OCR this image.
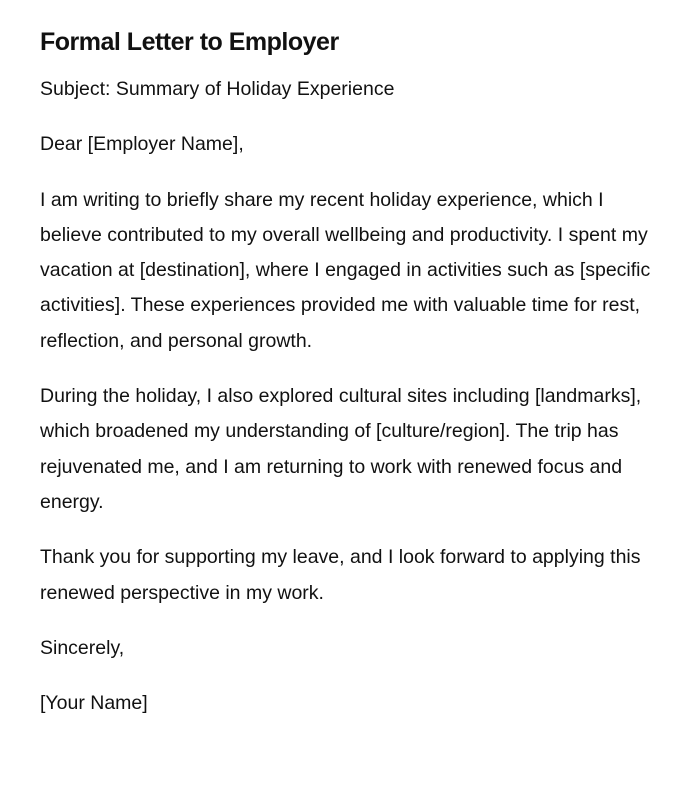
Formal Letter to Employer

Subject: Summary of Holiday Experience

Dear [Employer Name],

I am writing to briefly share my recent holiday experience, which I believe contributed to my overall wellbeing and productivity. I spent my vacation at [destination], where I engaged in activities such as [specific activities]. These experiences provided me with valuable time for rest, reflection, and personal growth.

During the holiday, I also explored cultural sites including [landmarks], which broadened my understanding of [culture/region]. The trip has rejuvenated me, and I am returning to work with renewed focus and energy.

Thank you for supporting my leave, and I look forward to applying this renewed perspective in my work.

Sincerely,

[Your Name]
